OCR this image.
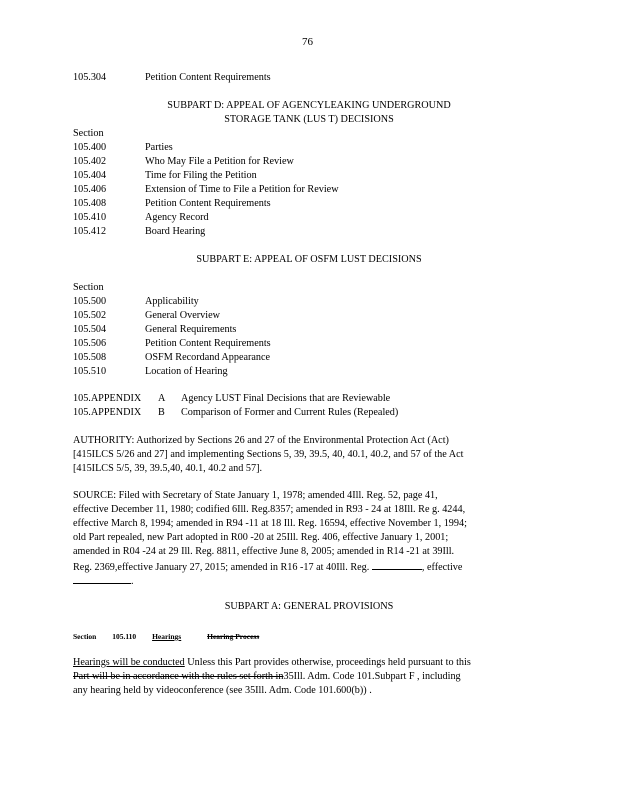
76
105.304	Petition Content Requirements
SUBPART D: APPEAL OF AGENCYLEAKING UNDERGROUND
STORAGE TANK (LUS T) DECISIONS
Section
105.400	Parties
105.402	Who May File a Petition for Review
105.404	Time for Filing the Petition
105.406	Extension of Time to File a Petition for Review
105.408	Petition Content Requirements
105.410	Agency Record
105.412	Board Hearing
SUBPART E: APPEAL OF OSFM LUST DECISIONS
Section
105.500	Applicability
105.502	General Overview
105.504	General Requirements
105.506	Petition Content Requirements
105.508	OSFM Recordand Appearance
105.510	Location of Hearing
105.APPENDIX A Agency LUST Final Decisions that are Reviewable
105.APPENDIX B Comparison of Former and Current Rules (Repealed)
AUTHORITY: Authorized by Sections 26 and 27 of the Environmental Protection Act (Act)
[415ILCS 5/26 and 27] and implementing Sections 5, 39, 39.5, 40, 40.1, 40.2, and 57 of the Act
[415ILCS 5/5, 39, 39.5,40, 40.1, 40.2 and 57].
SOURCE: Filed with Secretary of State January 1, 1978; amended 4Ill. Reg. 52, page 41,
effective December 11, 1980; codified 6Ill. Reg.8357; amended in R93 - 24 at 18Ill. Re g. 4244,
effective March 8, 1994; amended in R94 -11 at 18 Ill. Reg. 16594, effective November 1, 1994;
old Part repealed, new Part adopted in R00 -20 at 25Ill. Reg. 406, effective January 1, 2001;
amended in R04 -24 at 29 Ill. Reg. 8811, effective June 8, 2005; amended in R14 -21 at 39Ill.
Reg. 2369,effective January 27, 2015; amended in R16 -17 at 40Ill. Reg.	, effective
.
SUBPART A: GENERAL PROVISIONS
Section 105.110 Hearings	Hearing Process
Hearings will be conducted Unless this Part provides otherwise, proceedings held pursuant to this
Part will be in accordance with the rules set forth in35Ill. Adm. Code 101.Subpart F , including
any hearing held by videoconference (see 35Ill. Adm. Code 101.600(b)) .
